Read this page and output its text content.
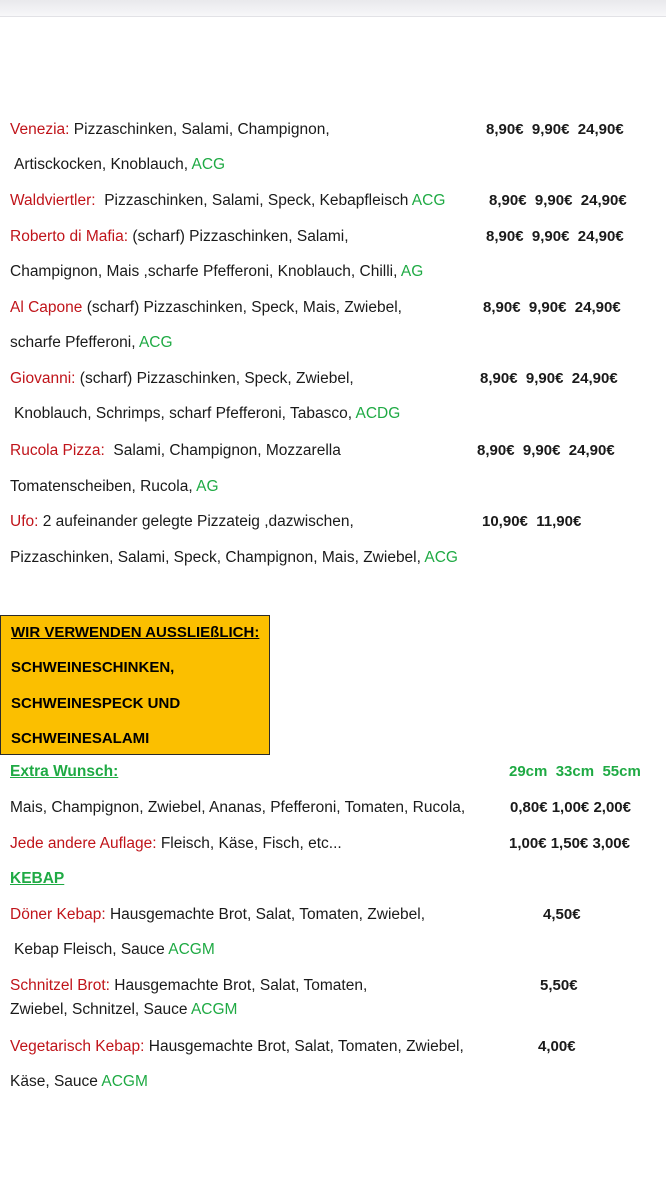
Venezia: Pizzaschinken, Salami, Champignon,	8,90€ 9,90€ 24,90€
Artisckocken, Knoblauch, ACG
Waldviertler: Pizzaschinken, Salami, Speck, Kebapfleisch ACG	8,90€ 9,90€ 24,90€
Roberto di Mafia: (scharf) Pizzaschinken, Salami,	8,90€ 9,90€ 24,90€
Champignon, Mais ,scharfe Pfefferoni, Knoblauch, Chilli, AG
Al Capone (scharf) Pizzaschinken, Speck, Mais, Zwiebel,	8,90€ 9,90€ 24,90€
scharfe Pfefferoni, ACG
Giovanni: (scharf) Pizzaschinken, Speck, Zwiebel,	8,90€ 9,90€ 24,90€
Knoblauch, Schrimps, scharf Pfefferoni, Tabasco, ACDG
Rucola Pizza: Salami, Champignon, Mozzarella	8,90€ 9,90€ 24,90€
Tomatenscheiben, Rucola, AG
Ufo: 2 aufeinander gelegte Pizzateig ,dazwischen,	10,90€ 11,90€
Pizzaschinken, Salami, Speck, Champignon, Mais, Zwiebel, ACG
WIR VERWENDEN AUSSLIEßLICH:
SCHWEINESCHINKEN,
SCHWEINESPECK UND
SCHWEINESALAMI
Extra Wunsch:	29cm 33cm 55cm
Mais, Champignon, Zwiebel, Ananas, Pfefferoni, Tomaten, Rucola,	0,80€ 1,00€ 2,00€
Jede andere Auflage: Fleisch, Käse, Fisch, etc...	1,00€ 1,50€ 3,00€
KEBAP
Döner Kebap: Hausgemachte Brot, Salat, Tomaten, Zwiebel,	4,50€
Kebap Fleisch, Sauce ACGM
Schnitzel Brot: Hausgemachte Brot, Salat, Tomaten,	5,50€
Zwiebel, Schnitzel, Sauce ACGM
Vegetarisch Kebap: Hausgemachte Brot, Salat, Tomaten, Zwiebel,	4,00€
Käse, Sauce ACGM
